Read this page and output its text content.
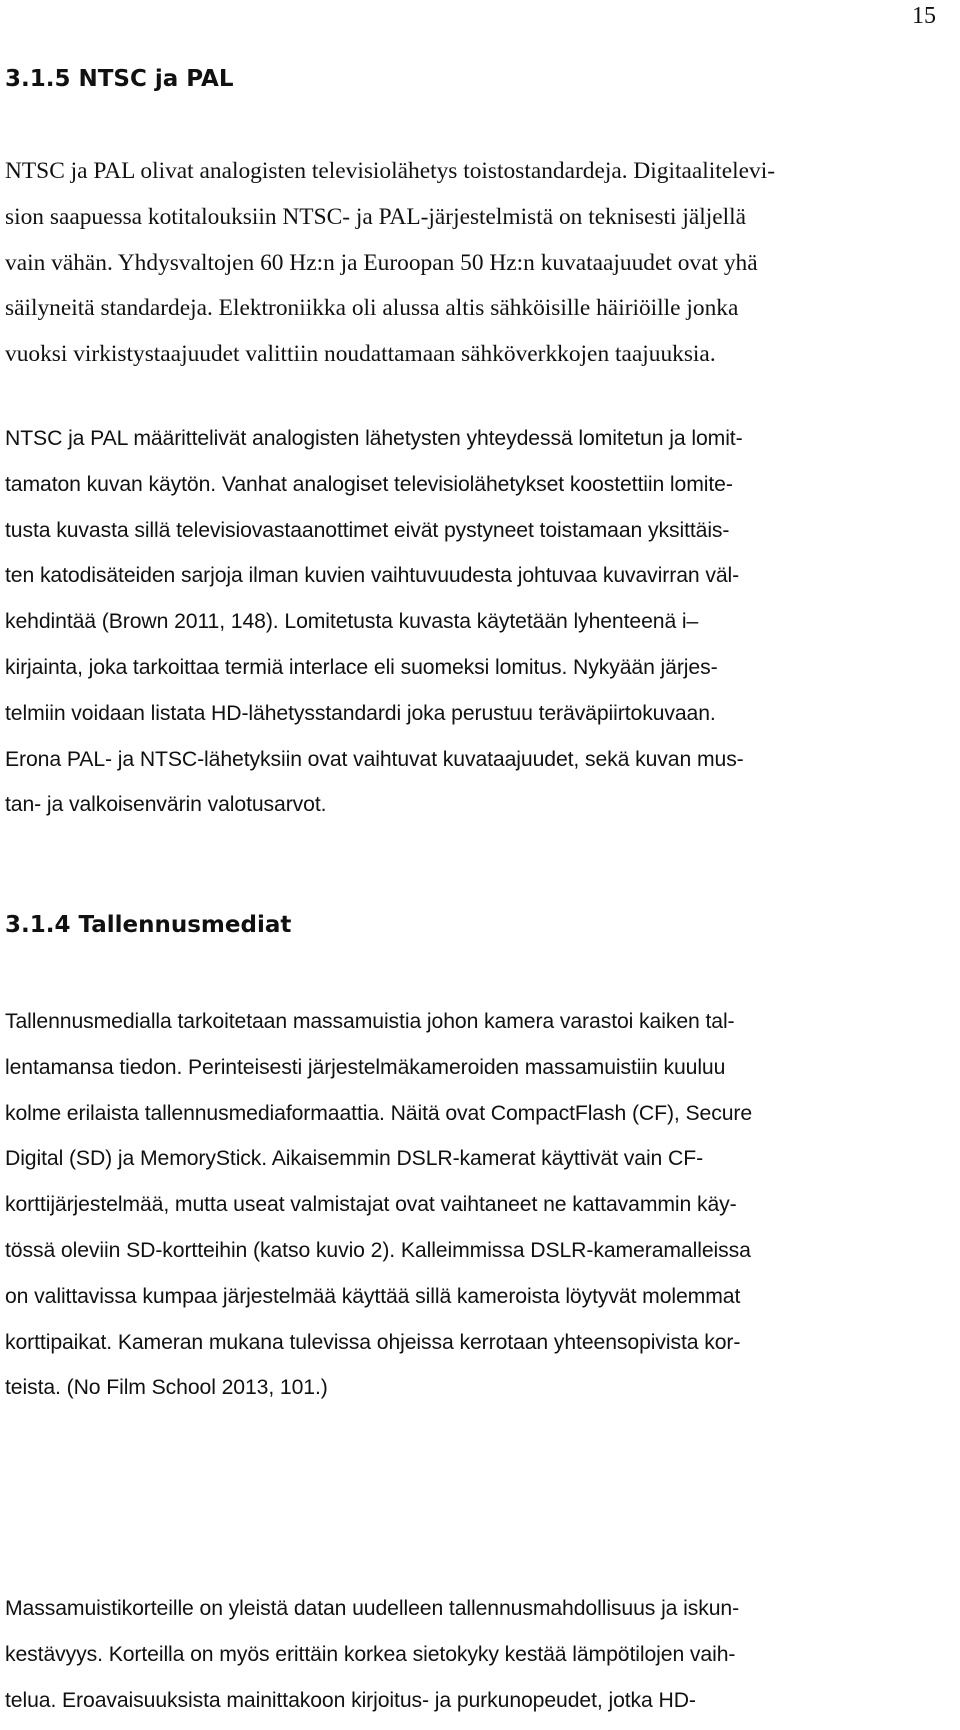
15
3.1.5 NTSC ja PAL

NTSC ja PAL olivat analogisten televisiolähetys toistostandardeja. Digitaalitelevi-
sion saapuessa kotitalouksiin NTSC- ja PAL-järjestelmistä on teknisesti jäljellä
vain vähän. Yhdysvaltojen 60 Hz:n ja Euroopan 50 Hz:n kuvataajuudet ovat yhä
säilyneitä standardeja. Elektroniikka oli alussa altis sähköisille häiriöille jonka
vuoksi virkistystaajuudet valittiin noudattamaan sähköverkkojen taajuuksia.

NTSC ja PAL määrittelivät analogisten lähetysten yhteydessä lomitetun ja lomit-
tamaton kuvan käytön. Vanhat analogiset televisiolähetykset koostettiin lomite-
tusta kuvasta sillä televisiovastaanottimet eivät pystyneet toistamaan yksittäis-
ten katodisäteiden sarjoja ilman kuvien vaihtuvuudesta johtuvaa kuvavirran väl-
kehdintää (Brown 2011, 148). Lomitetusta kuvasta käytetään lyhenteenä i–
kirjainta, joka tarkoittaa termiä interlace eli suomeksi lomitus. Nykyään järjes-
telmiin voidaan listata HD-lähetysstandardi joka perustuu teräväpiirtokuvaan.
Erona PAL- ja NTSC-lähetyksiin ovat vaihtuvat kuvataajuudet, sekä kuvan mus-
tan- ja valkoisenvärin valotusarvot.

3.1.4 Tallennusmediat

Tallennusmedialla tarkoitetaan massamuistia johon kamera varastoi kaiken tal-
lentamansa tiedon. Perinteisesti järjestelmäkameroiden massamuistiin kuuluu
kolme erilaista tallennusmediaformaattia. Näitä ovat CompactFlash (CF), Secure
Digital (SD) ja MemoryStick. Aikaisemmin DSLR-kamerat käyttivät vain CF-
korttijärjestelmää, mutta useat valmistajat ovat vaihtaneet ne kattavammin käy-
tössä oleviin SD-kortteihin (katso kuvio 2). Kalleimmissa DSLR-kameramalleissa
on valittavissa kumpaa järjestelmää käyttää sillä kameroista löytyvät molemmat
korttipaikat. Kameran mukana tulevissa ohjeissa kerrotaan yhteensopivista kor-
teista. (No Film School 2013, 101.)

Massamuistikorteille on yleistä datan uudelleen tallennusmahdollisuus ja iskun-
kestävyys. Korteilla on myös erittäin korkea sietokyky kestää lämpötilojen vaih-
telua. Eroavaisuuksista mainittakoon kirjoitus- ja purkunopeudet, jotka HD-
